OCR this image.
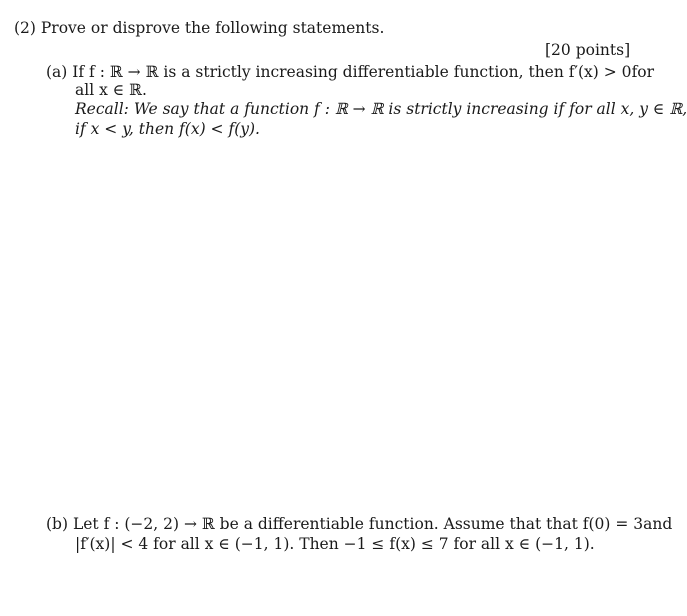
(2) Prove or disprove the following statements.
[20 points]
(a) If f : ℝ → ℝ is a strictly increasing differentiable function, then f′(x) > 0 for
all x ∈ ℝ.
Recall: We say that a function f : ℝ → ℝ is strictly increasing if for all x, y ∈ ℝ,
if x < y, then f(x) < f(y).
(b) Let f : (−2, 2) → ℝ be a differentiable function. Assume that that f(0) = 3 and
|f′(x)| < 4 for all x ∈ (−1, 1). Then −1 ≤ f(x) ≤ 7 for all x ∈ (−1, 1).
